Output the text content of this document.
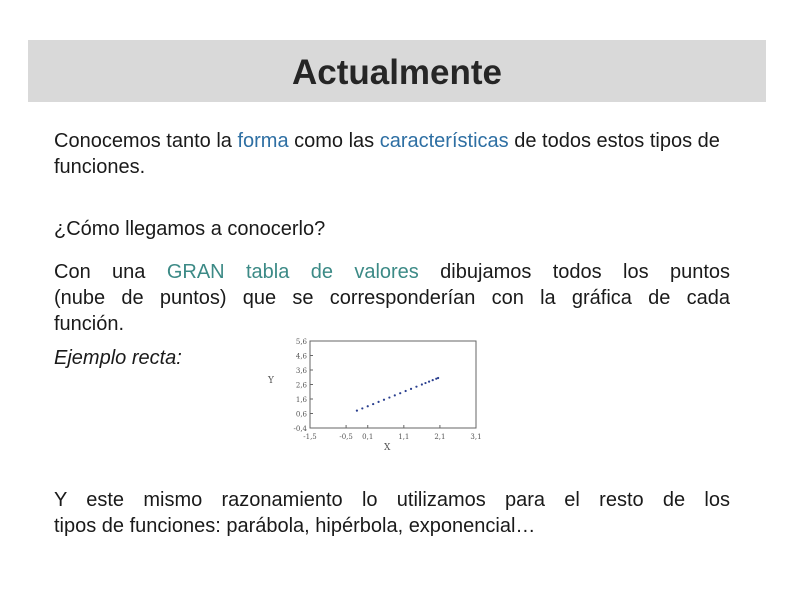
Actualmente
Conocemos tanto la forma como las características de todos estos tipos de funciones.
¿Cómo llegamos a conocerlo?
Con una GRAN tabla de valores dibujamos todos los puntos
(nube de puntos) que se corresponderían con la gráfica de cada
función.
Ejemplo recta:
5,6
4,6
3,6
2,6
1,6
0,6
-0,4
-1,5	-0,5 0,1	1,1	2,1	3,1
Y
X
Y este mismo razonamiento lo utilizamos para el resto de los
tipos de funciones: parábola, hipérbola, exponencial…
